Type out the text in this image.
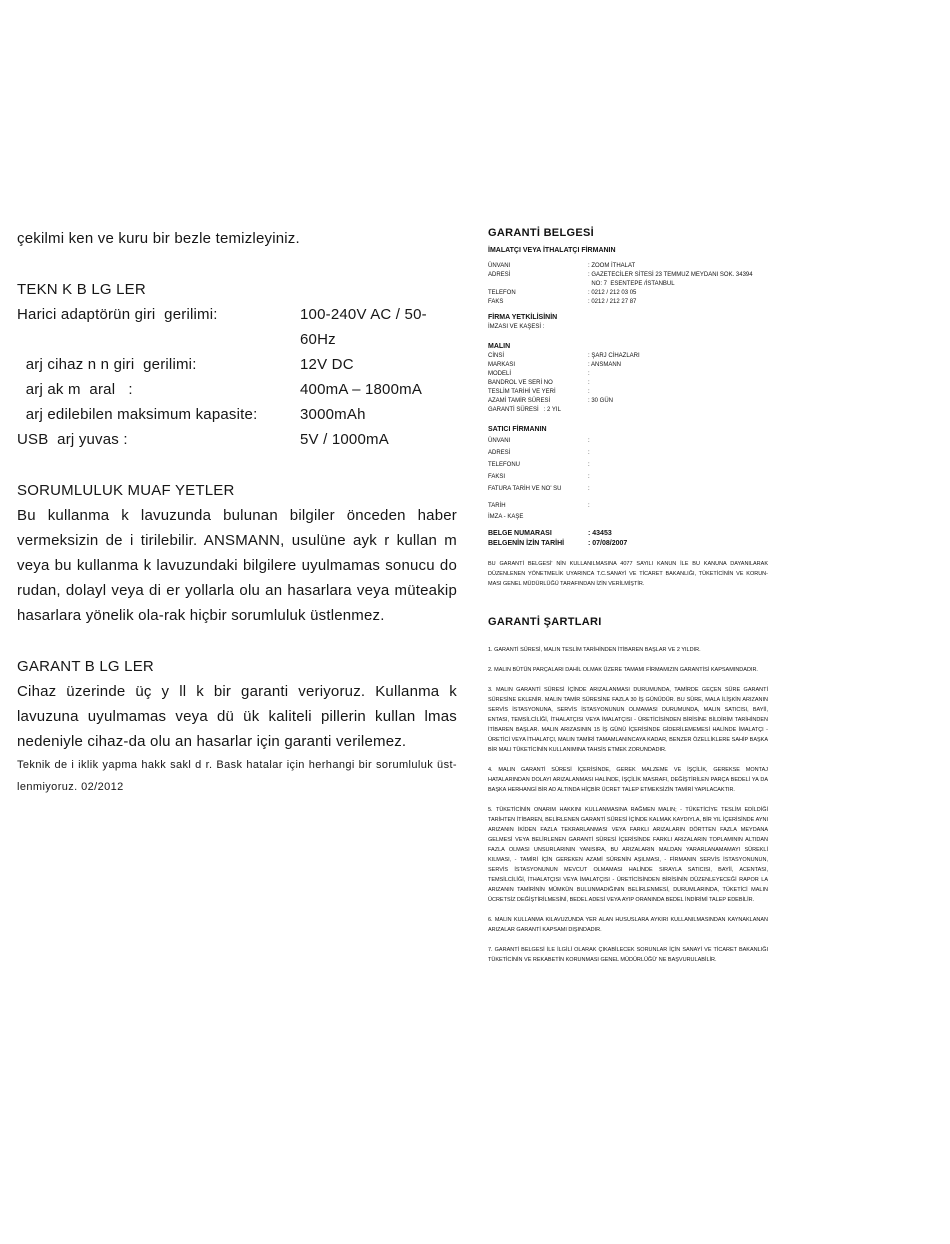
çekilmi ken ve kuru bir bezle temizleyiniz.

TEKN K B LG LER

Harici adaptörün giri  gerilimi:	100-240V AC / 50-60Hz
arj cihaz n n giri  gerilimi:	12V DC
arj ak m  aral   :	400mA – 1800mA
arj edilebilen maksimum kapasite:	3000mAh
USB  arj yuvas :	5V / 1000mA

SORUMLULUK MUAF YETLER

Bu kullanma k lavuzunda bulunan bilgiler önceden haber vermeksizin de i tirilebilir. ANSMANN, usulüne ayk r kullan m veya bu kullanma k lavuzundaki bilgilere uyulmamas sonucu do rudan, dolayl veya di er yollarla olu an hasarlara veya müteakip hasarlara yönelik ola-rak hiçbir sorumluluk üstlenmez.

GARANT B LG LER

Cihaz üzerinde üç y ll k bir garanti veriyoruz. Kullanma k lavuzuna uyulmamas veya dü ük kaliteli pillerin kullan lmas nedeniyle cihaz-da olu an hasarlar için garanti verilemez.

Teknik de i iklik yapma hakk sakl d r. Bask hatalar için herhangi bir sorumluluk üst-lenmiyoruz. 02/2012

GARANTİ BELGESİ

İMALATÇI VEYA İTHALATÇI FİRMANIN

ÜNVANI	: ZOOM İTHALAT
ADRESİ	: GAZETECİLER SİTESİ 23 TEMMUZ MEYDANI SOK. 34394
NO: 7  ESENTEPE /İSTANBUL
TELEFON	: 0212 / 212 03 05
FAKS	: 0212 / 212 27 87

FİRMA YETKİLİSİNİN

İMZASI VE KAŞESİ :

MALIN

CİNSİ	: ŞARJ CİHAZLARI
MARKASI	: ANSMANN
MODELİ	:
BANDROL VE SERİ NO	:
TESLİM TARİHİ VE YERİ	:
AZAMİ TAMİR SÜRESİ	: 30 GÜN
GARANTİ SÜRESİ   : 2 YIL

SATICI FİRMANIN

ÜNVANI	:
ADRESİ	:
TELEFONU	:
FAKSI	:
FATURA TARİH VE NO' SU	:
TARİH	:
İMZA - KAŞE
BELGE NUMARASI	: 43453
BELGENİN İZİN TARİHİ	: 07/08/2007

BU GARANTİ BELGESİ' NİN KULLANILMASINA 4077 SAYILI KANUN İLE BU KANUNA DAYANILARAK DÜZENLENEN YÖNETMELİK UYARINCA T.C.SANAYİ VE TİCARET BAKANLIĞI, TÜKETİCİNİN VE KORUN-MASI GENEL MÜDÜRLÜĞÜ TARAFINDAN İZİN VERİLMİŞTİR.

GARANTİ ŞARTLARI

1. GARANTİ SÜRESİ, MALIN TESLİM TARİHİNDEN İTİBAREN BAŞLAR VE 2 YILDIR.

2. MALIN BÜTÜN PARÇALARI DAHİL OLMAK ÜZERE TAMAMI FİRMAMIZIN GARANTİSİ KAPSAMINDADIR.

3. MALIN GARANTİ SÜRESİ İÇİNDE ARIZALANMASI DURUMUNDA, TAMİRDE GEÇEN SÜRE GARANTİ SÜRESİNE EKLENİR. MALIN TAMİR SÜRESİNE FAZLA 30 İŞ GÜNÜDÜR. BU SÜRE, MALA İLİŞKİN ARIZANIN SERVİS İSTASYONUNA, SERVİS İSTASYONUNUN OLMAMASI DURUMUNDA, MALIN SATICISI, BAYİİ, ENTASI, TEMSİLCİLİĞİ, İTHALATÇISI VEYA İMALATÇISI - ÜRETİCİSİNDEN BİRİSİNE BİLDİRİM TARİHİNDEN İTİBAREN BAŞLAR. MALIN ARIZASININ 15 İŞ GÜNÜ İÇERİSİNDE GİDERİLEMEMESİ HALİNDE İMALATÇI - ÜRETİCİ VEYA İTHALATÇI, MALIN TAMİRİ TAMAMLANINCAYA KADAR, BENZER ÖZELLİKLERE SAHİP BAŞKA BİR MALI TÜKETİCİNİN KULLANIMINA TAHSİS ETMEK ZORUNDADIR.

4. MALIN GARANTİ SÜRESİ İÇERİSİNDE, GEREK MALZEME VE İŞÇİLİK, GEREKSE MONTAJ HATALARINDAN DOLAYI ARIZALANMASI HALİNDE, İŞÇİLİK MASRAFI, DEĞİŞTİRİLEN PARÇA BEDELİ YA DA BAŞKA HERHANGİ BİR AD ALTINDA HİÇBİR ÜCRET TALEP ETMEKSİZİN TAMİRİ YAPILACAKTIR.

5. TÜKETİCİNİN ONARIM HAKKINI KULLANMASINA RAĞMEN MALIN; - TÜKETİCİYE TESLİM EDİLDİĞİ TARİHTEN İTİBAREN, BELİRLENEN GARANTİ SÜRESİ İÇİNDE KALMAK KAYDIYLA, BİR YIL İÇERİSİNDE AYNI ARIZANIN İKİDEN FAZLA TEKRARLANMASI VEYA FARKLI ARIZALARIN DÖRTTEN FAZLA MEYDANA GELMESİ VEYA BELİRLENEN GARANTİ SÜRESİ İÇERİSİNDE FARKLI ARIZALARIN TOPLAMININ ALTIDAN FAZLA OLMASI UNSURLARININ YANISIRA, BU ARIZALARIN MALDAN YARARLANAMAMAYI SÜREKLİ KILMASI, - TAMİRİ İÇİN GEREKEN AZAMİ SÜRENİN AŞILMASI, - FİRMANIN SERVİS İSTASYONUNUN, SERVİS İSTASYONUNUN MEVCUT OLMAMASI HALİNDE SIRAYLA SATICISI, BAYİİ, ACENTASI, TEMSİLCİLİĞİ, İTHALATÇISI VEYA İMALATÇISI - ÜRETİCİSİNDEN BİRİSİNİN DÜZENLEYECEĞİ RAPOR LA ARIZANIN TAMİRİNİN MÜMKÜN BULUNMADIĞININ BELİRLENMESİ, DURUMLARINDA, TÜKETİCİ MALIN ÜCRETSİZ DEĞİŞTİRİLMESİNİ, BEDEL ADESİ VEYA AYIP ORANINDA BEDEL İNDİRİMİ TALEP EDEBİLİR.

6. MALIN KULLANMA KILAVUZUNDA YER ALAN HUSUSLARA AYKIRI KULLANILMASINDAN KAYNAKLANAN ARIZALAR GARANTİ KAPSAMI DIŞINDADIR.

7. GARANTİ BELGESİ İLE İLGİLİ OLARAK ÇIKABİLECEK SORUNLAR İÇİN SANAYİ VE TİCARET BAKANLIĞI TÜKETİCİNİN VE REKABETİN KORUNMASI GENEL MÜDÜRLÜĞÜ' NE BAŞVURULABİLİR.
